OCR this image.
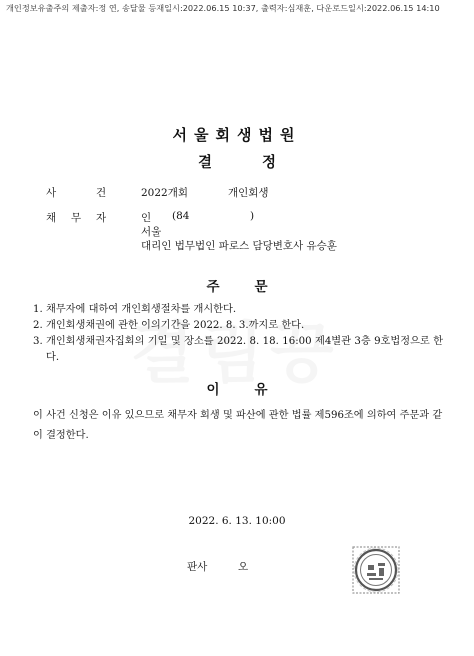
개인정보유출주의 제출자:정 연, 송달물 등재일시:2022.06.15 10:37, 출력자:심재훈, 다운로드일시:2022.06.15 14:10
서울회생법원
결	정
사	건	2022개회	개인회생
채 무 자	인 (84	)
서울
대리인 법무법인 파로스 담당변호사 유승훈
주	문
1. 채무자에 대하여 개인회생절차를 개시한다.
2. 개인회생채권에 관한 이의기간을 2022. 8. 3.까지로 한다.
3. 개인회생채권자집회의 기일 및 장소를 2022. 8. 18. 16:00 제4별관 3층 9호법정으로 한다.
이	유
이 사건 신청은 이유 있으므로 채무자 회생 및 파산에 관한 법률 제596조에 의하여 주문과 같이 결정한다.
2022. 6. 13. 10:00
판사	오
